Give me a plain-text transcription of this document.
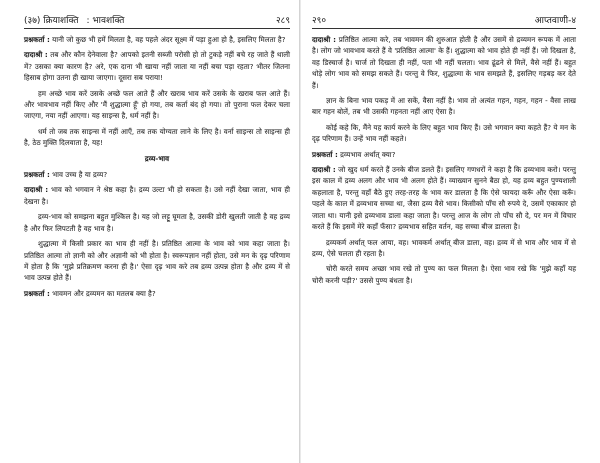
(३७) क्रियाशक्ति : भावशक्ति	२८९

प्रश्नकर्ता : यानी जो कुछ भी हमें मिलता है, वह पहले अंदर सूक्ष्म में पड़ा हुआ हो है, इसलिए मिलता है?

दादाश्री : तब और कौन देनेवाला है? आपको इतनी सब्जी परोसी हो तो टुकड़े नहीं बचे रह जाते हैं थाली में? उसका क्या कारण है? अरे, एक दाना भी खाया नहीं जाता या नहीं बचा पड़ा रहता? भीतर जितना हिसाब होगा उतना ही खाया जाएगा। दूसरा सब पराया!

हम अच्छे भाव करें उसके अच्छे फल आते हैं और खराब भाव करें उसके के खराब फल आते हैं। और भावभाव नहीं किए और 'मैं शुद्धात्मा हूँ' हो गया, तब कर्ता बंद हो गया। तो पुराना फल देकर चला जाएगा, नया नहीं आएगा। यह साइन्स है, धर्म नहीं है।

धर्म तो जब तक साइन्स में नहीं आएँ, तब तक योग्यता लाने के लिए है। वर्ना साइन्स तो साइन्स ही है, ठेठ मुक्ति दिलवाता है, यह!

द्रव्य-भाव

प्रश्नकर्ता : भाव उच्च है या द्रव्य?

दादाश्री : भाव को भगवान ने श्रेष्ठ कहा है। द्रव्य उल्टा भी हो सकता है। उसे नहीं देखा जाता, भाव ही देखना है।

द्रव्य-भाव को समझना बहुत मुश्किल है। यह जो लट्टू घूमता है, उसकी डोरी खुलती जाती है वह द्रव्य है और फिर लिपटती है वह भाव है।

शुद्धात्मा में किसी प्रकार का भाव ही नहीं है। प्रतिष्ठित आत्मा के भाव को भाव कहा जाता है। प्रतिष्ठित आत्मा तो ज्ञानी को और अज्ञानी को भी होता है। स्वरूपज्ञान नहीं होता, उसे मन के दृढ़ परिणाम में होता है कि 'मुझे प्रतिक्रमण करना ही है।' ऐसा दृढ़ भाव करे तब द्रव्य उत्पन्न होता है और द्रव्य में से भाव उत्पन्न होते हैं।

प्रश्नकर्ता : भावमन और द्रव्यमन का मतलब क्या है?

२९०	आप्तवाणी-४

दादाश्री : प्रतिष्ठित आत्मा करे, तब भावमन की शुरुआत होती है और उसमें से द्रव्यमन रूपक में आता है। लोग जो भावभाव करते हैं वे 'प्रतिष्ठित आत्मा' के हैं। शुद्धात्मा को भाव होते ही नहीं हैं। जो दिखता है, वह डिस्चार्ज है। चार्ज तो दिखता ही नहीं, पता भी नहीं चलता। भाव ढूंढने से मिलें, वैसे नहीं हैं। बहुत थोड़े लोग भाव को समझ सकते हैं। परन्तु वे फिर, शुद्धात्मा के भाव समझते हैं, इसलिए गड़बड़ कर देते हैं।

ज्ञान के बिना भाव पकड़ में आ सकें, वैसा नहीं है। भाव तो अत्यंत गहन, गहन, गहन - वैसा लाख बार गहन बोलें, तब भी उसकी गहनता नहीं आए ऐसा है।

कोई कहे कि, मैंने यह कार्य करने के लिए बहुत भाव किए हैं। उसे भगवान क्या कहते हैं? ये मन के दृढ़ परिणाम हैं। उन्हें भाव नहीं कहते।

प्रश्नकर्ता : द्रव्यभाव अर्थात् क्या?

दादाश्री : जो खुद धर्म करते हैं उनके बीज डलते हैं। इसलिए गणधरों ने कहा है कि द्रव्यभाव करो। परन्तु इस काल में द्रव्य अलग और भाव भी अलग होते हैं। व्याख्यान सुनने बैठा हो, यह द्रव्य बहुत पुण्यशाली कहलाता है, परन्तु वहाँ बैठे हुए तरह-तरह के भाव कर डालता है कि ऐसे फायदा करूँ और ऐसा करूँ। पहले के काल में द्रव्यभाव सच्चा था, जैसा द्रव्य वैसे भाव। किसीको पाँच सौ रुपये दे, उसमें एकाकार हो जाता था। यानी इसे द्रव्यभाव डाला कहा जाता है। परन्तु आज के लोग तो पाँच सौ दे, पर मन में विचार करते हैं कि इसमें मेरे कहाँ फँसा? द्रव्यभाव सहित वर्तन, वह सच्चा बीज डालता है।

द्रव्यकर्म अर्थात् फल आया, वह। भावकर्म अर्थात् बीज डाला, वह। द्रव्य में से भाव और भाव में से द्रव्य, ऐसे चलता ही रहता है।

चोरी करते समय अच्छा भाव रखे तो पुण्य का फल मिलता है। ऐसा भाव रखे कि 'मुझे कहाँ यह चोरी करनी पड़ी?' उससे पुण्य बंधता है।
